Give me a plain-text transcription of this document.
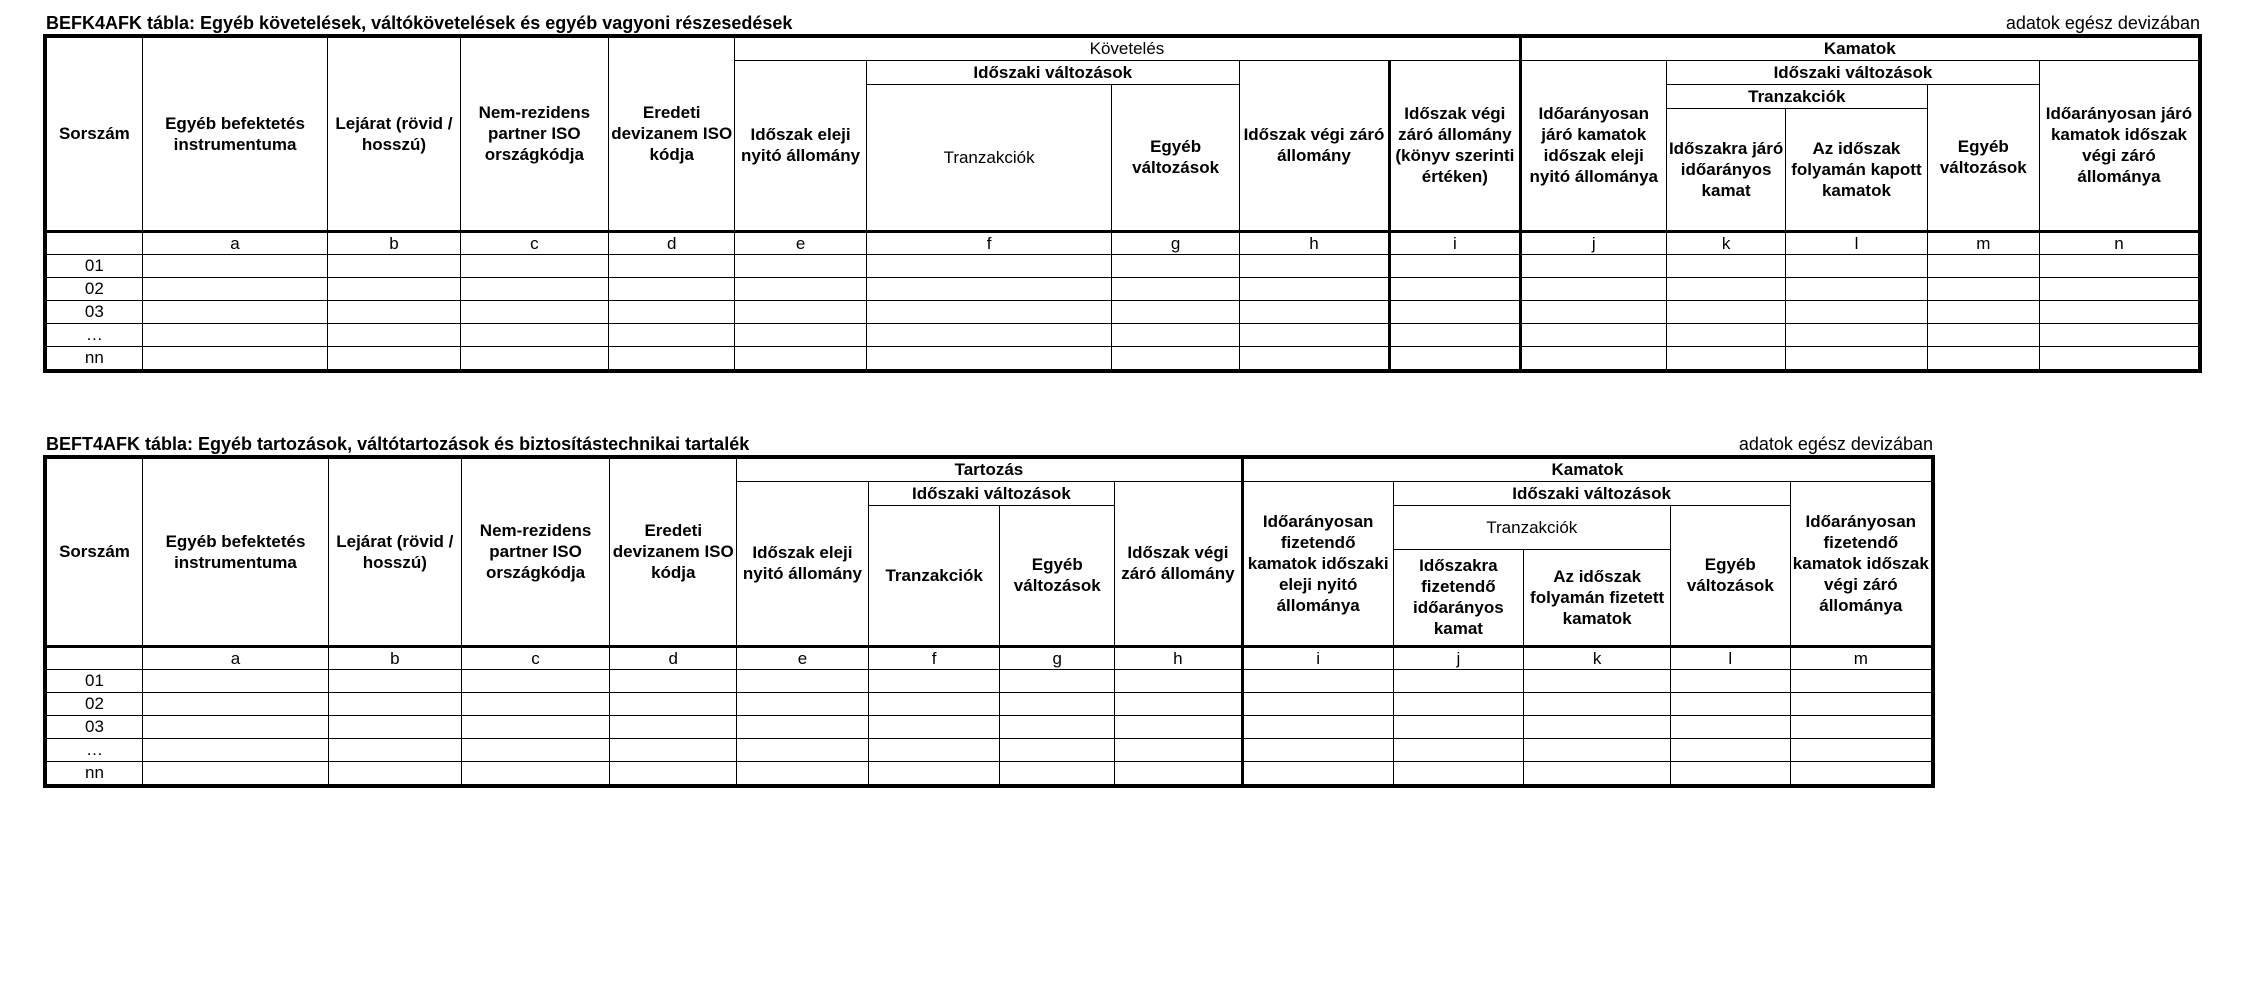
BEFK4AFK tábla: Egyéb követelések, váltókövetelések és egyéb vagyoni részesedések	adatok egész devizában
Sorszám	Egyéb befektetés instrumentuma	Lejárat (rövid / hosszú)	Nem-rezidens partner ISO országkódja	Eredeti devizanem ISO kódja	Követelés					Kamatok				
					Időszak eleji nyitó állomány	Időszaki változások		Időszak végi záró állomány	Időszak végi záró állomány (könyv szerinti értéken)	Időarányosan járó kamatok időszak eleji nyitó állománya	Időszaki változások			Időarányosan járó kamatok időszak végi záró állománya
						Tranzakciók	Egyéb változások				Tranzakciók		Egyéb változások	
											Időszakra járó időarányos kamat	Az időszak folyamán kapott kamatok		
	a	b	c	d	e	f	g	h	i	j	k	l	m	n
01														
02														
03														
…														
nn														
BEFT4AFK tábla: Egyéb tartozások, váltótartozások és biztosítástechnikai tartalék	adatok egész devizában
Sorszám	Egyéb befektetés instrumentuma	Lejárat (rövid / hosszú)	Nem-rezidens partner ISO országkódja	Eredeti devizanem ISO kódja	Tartozás				Kamatok				
					Időszak eleji nyitó állomány	Időszaki változások		Időszak végi záró állomány	Időarányosan fizetendő kamatok időszaki eleji nyitó állománya	Időszaki változások			Időarányosan fizetendő kamatok időszak végi záró állománya
						Tranzakciók	Egyéb változások			Tranzakciók		Egyéb változások	
										Időszakra fizetendő időarányos kamat	Az időszak folyamán fizetett kamatok		
	a	b	c	d	e	f	g	h	i	j	k	l	m
01													
02													
03													
…													
nn													
